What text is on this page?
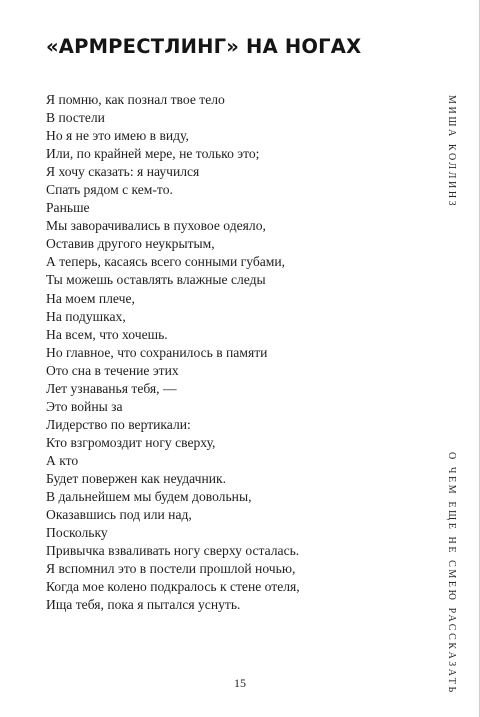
«АРМРЕСТЛИНГ» НА НОГАХ
Я помню, как познал твое тело
В постели
Но я не это имею в виду,
Или, по крайней мере, не только это;
Я хочу сказать: я научился
Спать рядом с кем-то.
Раньше
Мы заворачивались в пуховое одеяло,
Оставив другого неукрытым,
А теперь, касаясь всего сонными губами,
Ты можешь оставлять влажные следы
На моем плече,
На подушках,
На всем, что хочешь.
Но главное, что сохранилось в памяти
Ото сна в течение этих
Лет узнаванья тебя, —
Это войны за
Лидерство по вертикали:
Кто взгромоздит ногу сверху,
А кто
Будет повержен как неудачник.
В дальнейшем мы будем довольны,
Оказавшись под или над,
Поскольку
Привычка взваливать ногу сверху осталась.
Я вспомнил это в постели прошлой ночью,
Когда мое колено подкралось к стене отеля,
Ища тебя, пока я пытался уснуть.
МИША КОЛЛИНЗ
О ЧЕМ ЕЩЕ НЕ СМЕЮ РАССКАЗАТЬ
15
